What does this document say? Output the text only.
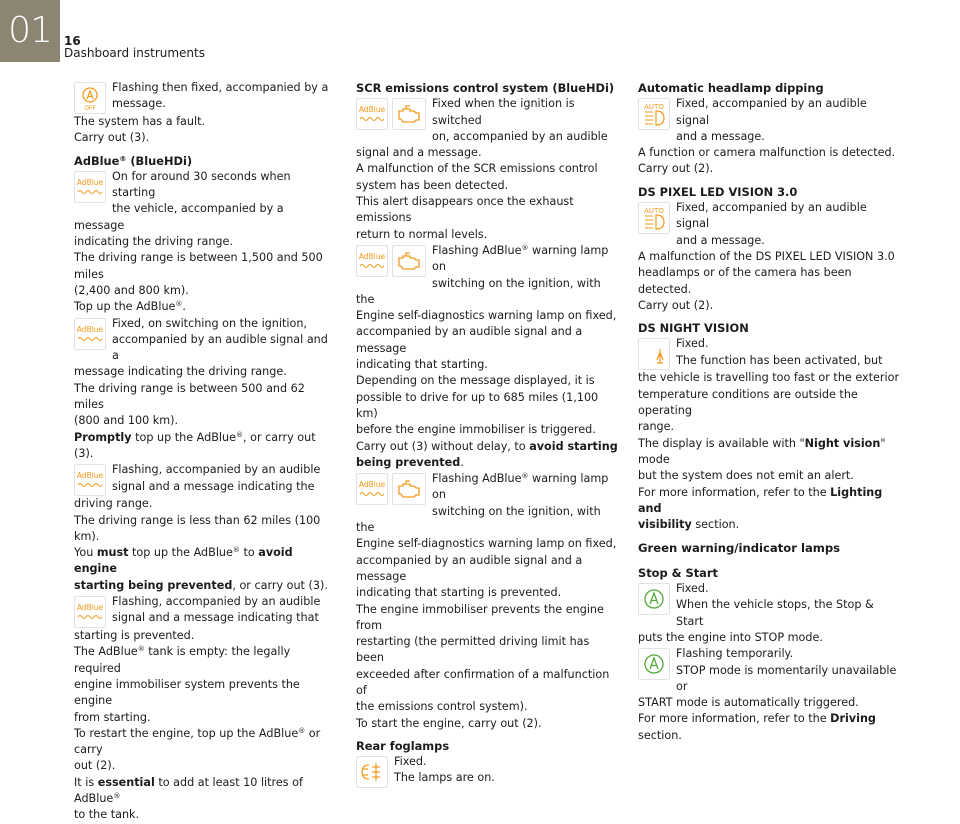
01	16
Dashboard instruments
OFF
Flashing then fixed, accompanied by a
message.
The system has a fault.
Carry out (3).
AdBlue® (BlueHDi)
AdBlue On for around 30 seconds when starting
the vehicle, accompanied by a message
indicating the driving range.
The driving range is between 1,500 and 500 miles
(2,400 and 800 km).
Top up the AdBlue®.
AdBlue Fixed, on switching on the ignition,
accompanied by an audible signal and a
message indicating the driving range.
The driving range is between 500 and 62 miles
(800 and 100 km).
Promptly top up the AdBlue®, or carry out (3).
AdBlue Flashing, accompanied by an audible
signal and a message indicating the
driving range.
The driving range is less than 62 miles (100 km).
You must top up the AdBlue® to avoid engine
starting being prevented, or carry out (3).
AdBlue Flashing, accompanied by an audible
signal and a message indicating that
starting is prevented.
The AdBlue® tank is empty: the legally required
engine immobiliser system prevents the engine
from starting.
To restart the engine, top up the AdBlue® or carry
out (2).
It is essential to add at least 10 litres of AdBlue®
to the tank.
SCR emissions control system (BlueHDi)
AdBlue	Fixed when the ignition is switched
on, accompanied by an audible
signal and a message.
A malfunction of the SCR emissions control
system has been detected.
This alert disappears once the exhaust emissions
return to normal levels.
AdBlue	Flashing AdBlue® warning lamp on
switching on the ignition, with the
Engine self-diagnostics warning lamp on fixed,
accompanied by an audible signal and a message
indicating that starting.
Depending on the message displayed, it is
possible to drive for up to 685 miles (1,100 km)
before the engine immobiliser is triggered.
Carry out (3) without delay, to avoid starting
being prevented.
AdBlue	Flashing AdBlue® warning lamp on
switching on the ignition, with the
Engine self-diagnostics warning lamp on fixed,
accompanied by an audible signal and a message
indicating that starting is prevented.
The engine immobiliser prevents the engine from
restarting (the permitted driving limit has been
exceeded after confirmation of a malfunction of
the emissions control system).
To start the engine, carry out (2).
Rear foglamps
Fixed.
The lamps are on.
Automatic headlamp dipping
AUTO	Fixed, accompanied by an audible signal
and a message.
A function or camera malfunction is detected.
Carry out (2).
DS PIXEL LED VISION 3.0
AUTO	Fixed, accompanied by an audible signal
and a message.
A malfunction of the DS PIXEL LED VISION 3.0
headlamps or of the camera has been detected.
Carry out (2).
DS NIGHT VISION
Fixed.
The function has been activated, but
the vehicle is travelling too fast or the exterior
temperature conditions are outside the operating
range.
The display is available with "Night vision" mode
but the system does not emit an alert.
For more information, refer to the Lighting and
visibility section.
Green warning/indicator lamps
Stop & Start
Fixed.
When the vehicle stops, the Stop & Start
puts the engine into STOP mode.
Flashing temporarily.
STOP mode is momentarily unavailable or
START mode is automatically triggered.
For more information, refer to the Driving section.
